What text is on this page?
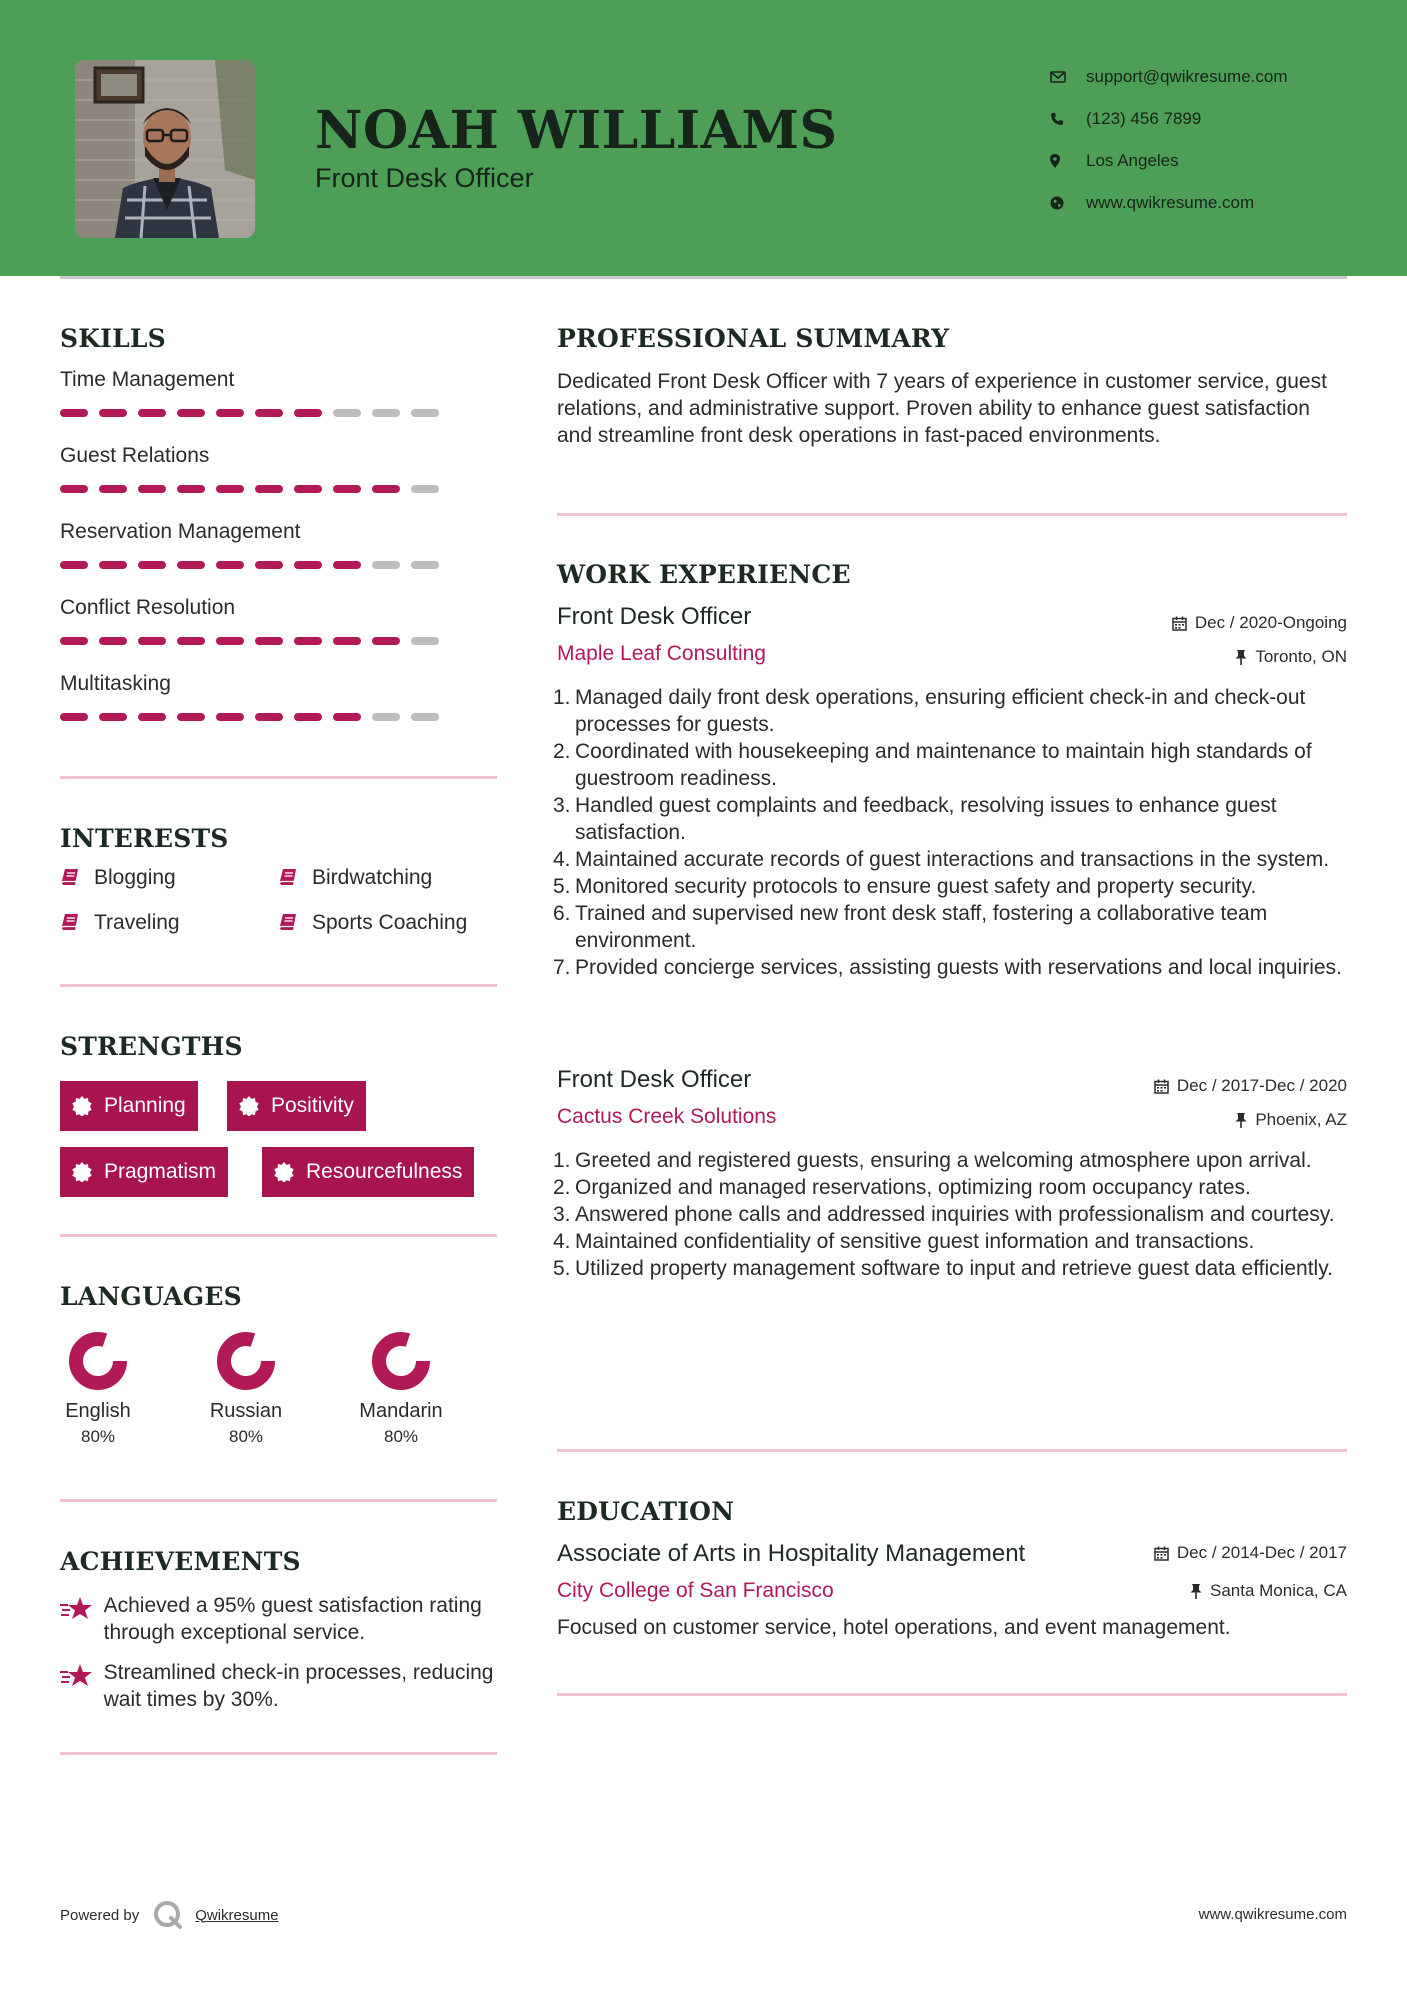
NOAH WILLIAMS
Front Desk Officer
support@qwikresume.com
(123) 456 7899
Los Angeles
www.qwikresume.com
SKILLS
Time Management
Guest Relations
Reservation Management
Conflict Resolution
Multitasking
INTERESTS
Blogging	Birdwatching
Traveling	Sports Coaching
STRENGTHS
Planning	Positivity
Pragmatism	Resourcefulness
LANGUAGES
English
80%
Russian
80%
Mandarin
80%
ACHIEVEMENTS
Achieved a 95% guest satisfaction rating through exceptional service.
Streamlined check-in processes, reducing wait times by 30%.
PROFESSIONAL SUMMARY
Dedicated Front Desk Officer with 7 years of experience in customer service, guest relations, and administrative support. Proven ability to enhance guest satisfaction and streamline front desk operations in fast-paced environments.
WORK EXPERIENCE
Front Desk Officer	Dec / 2020-Ongoing
Maple Leaf Consulting	Toronto, ON
1. Managed daily front desk operations, ensuring efficient check-in and check-out processes for guests.
2. Coordinated with housekeeping and maintenance to maintain high standards of guestroom readiness.
3. Handled guest complaints and feedback, resolving issues to enhance guest satisfaction.
4. Maintained accurate records of guest interactions and transactions in the system.
5. Monitored security protocols to ensure guest safety and property security.
6. Trained and supervised new front desk staff, fostering a collaborative team environment.
7. Provided concierge services, assisting guests with reservations and local inquiries.
Front Desk Officer	Dec / 2017-Dec / 2020
Cactus Creek Solutions	Phoenix, AZ
1. Greeted and registered guests, ensuring a welcoming atmosphere upon arrival.
2. Organized and managed reservations, optimizing room occupancy rates.
3. Answered phone calls and addressed inquiries with professionalism and courtesy.
4. Maintained confidentiality of sensitive guest information and transactions.
5. Utilized property management software to input and retrieve guest data efficiently.
EDUCATION
Associate of Arts in Hospitality Management	Dec / 2014-Dec / 2017
City College of San Francisco	Santa Monica, CA
Focused on customer service, hotel operations, and event management.
Powered by	Qwikresume	www.qwikresume.com
